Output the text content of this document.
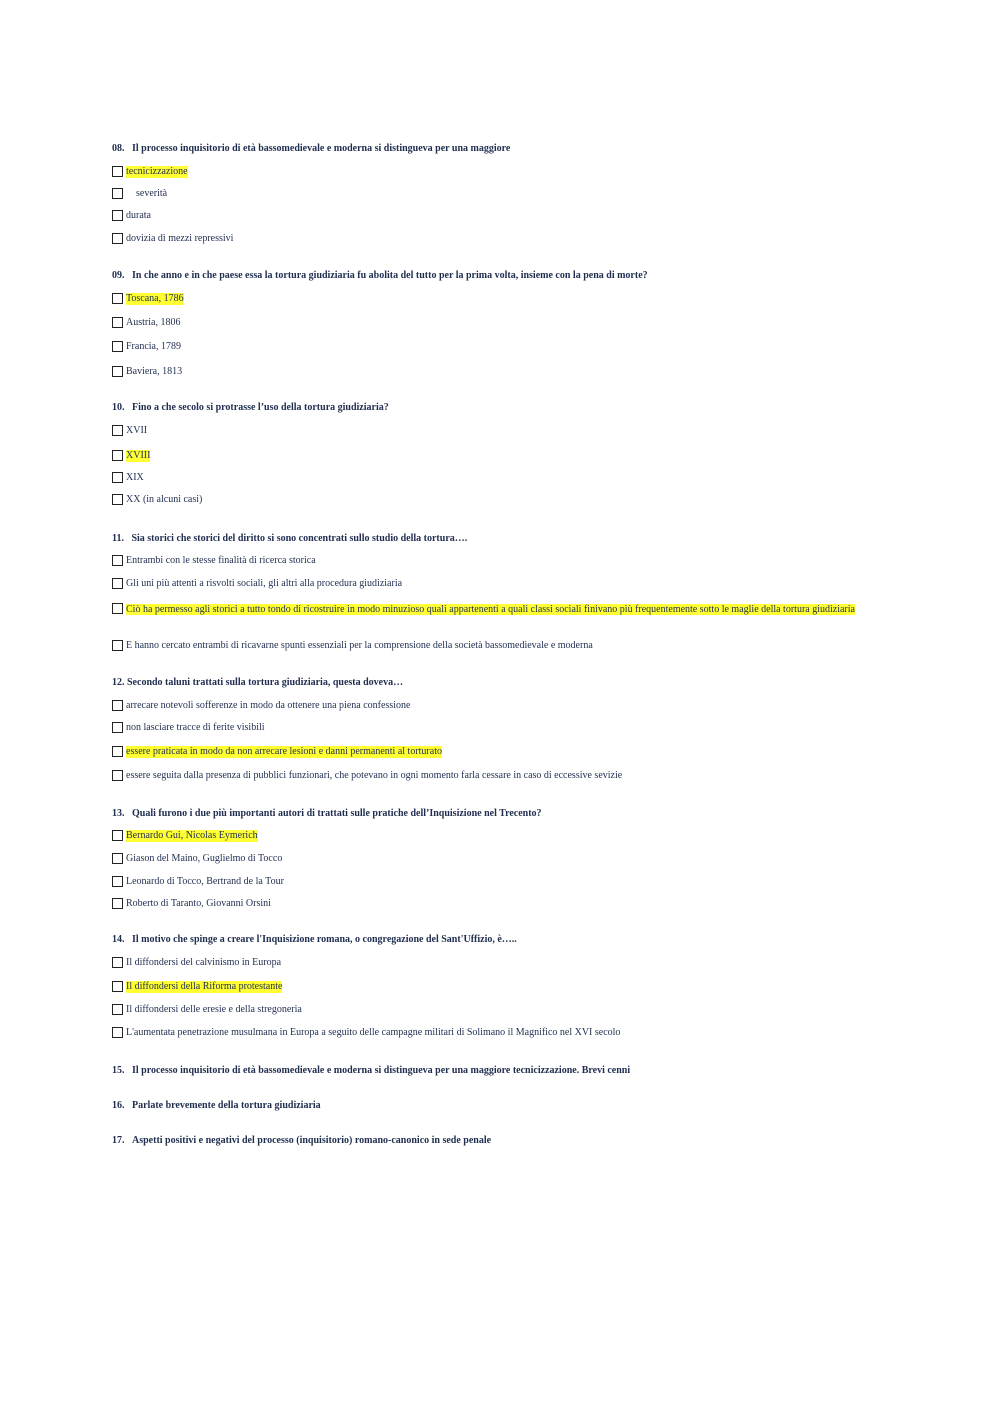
08.   Il processo inquisitorio di età bassomedievale e moderna si distingueva per una maggiore
tecnicizzazione
severità
durata
dovizia di mezzi repressivi
09.   In che anno e in che paese essa la tortura giudiziaria fu abolita del tutto per la prima volta, insieme con la pena di morte?
Toscana, 1786
Austria, 1806
Francia, 1789
Baviera, 1813
10.   Fino a che secolo si protrasse l’uso della tortura giudiziaria?
XVII
XVIII
XIX
XX (in alcuni casi)
11.   Sia storici che storici del diritto si sono concentrati sullo studio della tortura….
Entrambi con le stesse finalità di ricerca storica
Gli uni più attenti a risvolti sociali, gli altri alla procedura giudiziaria
Ciò ha permesso agli storici a tutto tondo di ricostruire in modo minuzioso quali appartenenti a quali classi sociali finivano più frequentemente sotto le maglie della tortura giudiziaria
E hanno cercato entrambi di ricavarne spunti essenziali per la comprensione della società bassomedievale e moderna
12. Secondo taluni trattati sulla tortura giudiziaria, questa doveva…
arrecare notevoli sofferenze in modo da ottenere una piena confessione
non lasciare tracce di ferite visibili
essere praticata in modo da non arrecare lesioni e danni permanenti al torturato
essere seguita dalla presenza di pubblici funzionari, che potevano in ogni momento farla cessare in caso di eccessive sevizie
13.   Quali furono i due più importanti autori di trattati sulle pratiche dell’Inquisizione nel Trecento?
Bernardo Gui, Nicolas Eymerich
Giason del Maino, Guglielmo di Tocco
Leonardo di Tocco, Bertrand de la Tour
Roberto di Taranto, Giovanni Orsini
14.   Il motivo che spinge a creare l'Inquisizione romana, o congregazione del Sant'Uffizio, è…..
Il diffondersi del calvinismo in Europa
Il diffondersi della Riforma protestante
Il diffondersi delle eresie e della stregoneria
L'aumentata penetrazione musulmana in Europa a seguito delle campagne militari di Solimano il Magnifico nel XVI secolo
15.   Il processo inquisitorio di età bassomedievale e moderna si distingueva per una maggiore tecnicizzazione. Brevi cenni
16.   Parlate brevemente della tortura giudiziaria
17.   Aspetti positivi e negativi del processo (inquisitorio) romano-canonico in sede penale
